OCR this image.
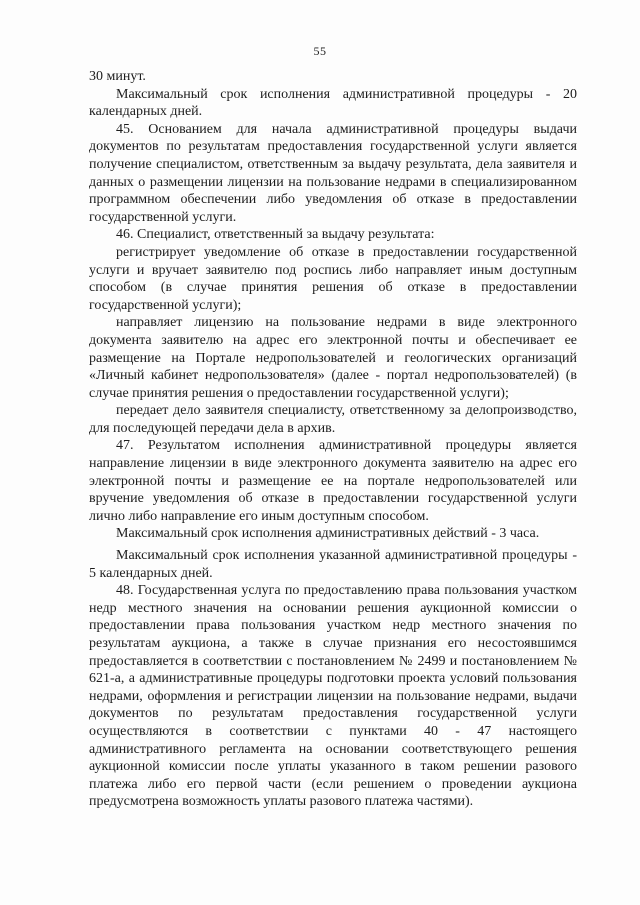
55

30 минут.

Максимальный срок исполнения административной процедуры - 20 календарных дней.

45. Основанием для начала административной процедуры выдачи документов по результатам предоставления государственной услуги является получение специалистом, ответственным за выдачу результата, дела заявителя и данных о размещении лицензии на пользование недрами в специализированном программном обеспечении либо уведомления об отказе в предоставлении государственной услуги.

46. Специалист, ответственный за выдачу результата:

регистрирует уведомление об отказе в предоставлении государственной услуги и вручает заявителю под роспись либо направляет иным доступным способом (в случае принятия решения об отказе в предоставлении государственной услуги);

направляет лицензию на пользование недрами в виде электронного документа заявителю на адрес его электронной почты и обеспечивает ее размещение на Портале недропользователей и геологических организаций «Личный кабинет недропользователя» (далее - портал недропользователей) (в случае принятия решения о предоставлении государственной услуги);

передает дело заявителя специалисту, ответственному за делопроизводство, для последующей передачи дела в архив.

47. Результатом исполнения административной процедуры является направление лицензии в виде электронного документа заявителю на адрес его электронной почты и размещение ее на портале недропользователей или вручение уведомления об отказе в предоставлении государственной услуги лично либо направление его иным доступным способом.

Максимальный срок исполнения административных действий - 3 часа.

Максимальный срок исполнения указанной административной процедуры - 5 календарных дней.

48. Государственная услуга по предоставлению права пользования участком недр местного значения на основании решения аукционной комиссии о предоставлении права пользования участком недр местного значения по результатам аукциона, а также в случае признания его несостоявшимся предоставляется в соответствии с постановлением № 2499 и постановлением № 621-а, а административные процедуры подготовки проекта условий пользования недрами, оформления и регистрации лицензии на пользование недрами, выдачи документов по результатам предоставления государственной услуги осуществляются в соответствии с пунктами 40 - 47 настоящего административного регламента на основании соответствующего решения аукционной комиссии после уплаты указанного в таком решении разового платежа либо его первой части (если решением о проведении аукциона предусмотрена возможность уплаты разового платежа частями).
